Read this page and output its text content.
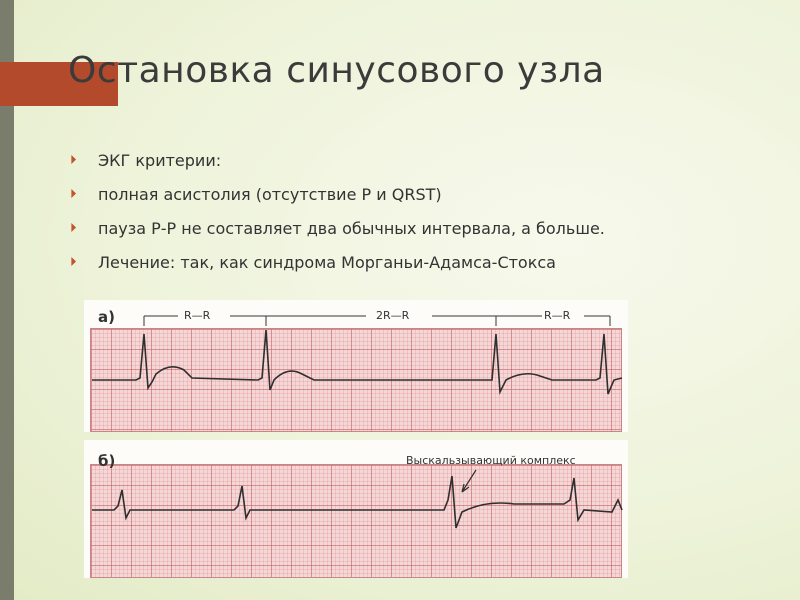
Остановка синусового узла
⏵	ЭКГ критерии:
⏵	полная асистолия (отсутствие Р и QRST)
⏵	пауза Р-Р не составляет два обычных интервала, а больше.
⏵	Лечение: так, как синдрома Морганьи-Адамса-Стокса
а)	R—R	2R—R	R—R
б)	Выскальзывающий комплекс
